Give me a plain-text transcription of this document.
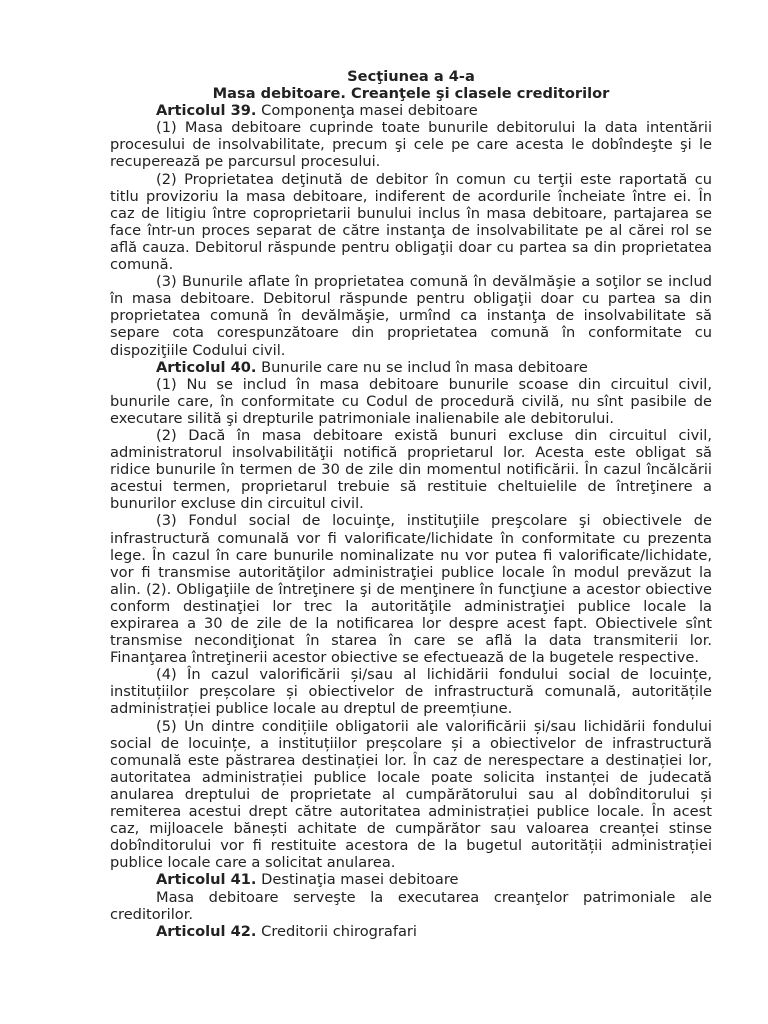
Secţiunea a 4-a
Masa debitoare. Creanţele şi clasele creditorilor

Articolul 39. Componenţa masei debitoare

(1) Masa debitoare cuprinde toate bunurile debitorului la data intentării procesului de insolvabilitate, precum şi cele pe care acesta le dobîndeşte şi le recuperează pe parcursul procesului.

(2) Proprietatea deţinută de debitor în comun cu terţii este raportată cu titlu provizoriu la masa debitoare, indiferent de acordurile încheiate între ei. În caz de litigiu între coproprietarii bunului inclus în masa debitoare, partajarea se face într-un proces separat de către instanţa de insolvabilitate pe al cărei rol se află cauza. Debitorul răspunde pentru obligaţii doar cu partea sa din proprietatea comună.

(3) Bunurile aflate în proprietatea comună în devălmăşie a soţilor se includ în masa debitoare. Debitorul răspunde pentru obligaţii doar cu partea sa din proprietatea comună în devălmăşie, urmînd ca instanţa de insolvabilitate să separe cota corespunzătoare din proprietatea comună în conformitate cu dispoziţiile Codului civil.

Articolul 40. Bunurile care nu se includ în masa debitoare

(1) Nu se includ în masa debitoare bunurile scoase din circuitul civil, bunurile care, în conformitate cu Codul de procedură civilă, nu sînt pasibile de executare silită şi drepturile patrimoniale inalienabile ale debitorului.

(2) Dacă în masa debitoare există bunuri excluse din circuitul civil, administratorul insolvabilităţii notifică proprietarul lor. Acesta este obligat să ridice bunurile în termen de 30 de zile din momentul notificării. În cazul încălcării acestui termen, proprietarul trebuie să restituie cheltuielile de întreţinere a bunurilor excluse din circuitul civil.

(3) Fondul social de locuinţe, instituţiile preşcolare şi obiectivele de infrastructură comunală vor fi valorificate/lichidate în conformitate cu prezenta lege. În cazul în care bunurile nominalizate nu vor putea fi valorificate/lichidate, vor fi transmise autorităţilor administraţiei publice locale în modul prevăzut la alin. (2). Obligaţiile de întreţinere şi de menţinere în funcţiune a acestor obiective conform destinaţiei lor trec la autorităţile administraţiei publice locale la expirarea a 30 de zile de la notificarea lor despre acest fapt. Obiectivele sînt transmise necondiţionat în starea în care se află la data transmiterii lor. Finanţarea întreţinerii acestor obiective se efectuează de la bugetele respective.

(4) În cazul valorificării și/sau al lichidării fondului social de locuințe, instituțiilor preșcolare și obiectivelor de infrastructură comunală, autoritățile administrației publice locale au dreptul de preemțiune.

(5) Un dintre condițiile obligatorii ale valorificării și/sau lichidării fondului social de locuințe, a instituțiilor preșcolare și a obiectivelor de infrastructură comunală este păstrarea destinației lor. În caz de nerespectare a destinației lor, autoritatea administrației publice locale poate solicita instanței de judecată anularea dreptului de proprietate al cumpărătorului sau al dobînditorului și remiterea acestui drept către autoritatea administrației publice locale. În acest caz, mijloacele bănești achitate de cumpărător sau valoarea creanței stinse dobînditorului vor fi restituite acestora de la bugetul autorității administrației publice locale care a solicitat anularea.

Articolul 41. Destinaţia masei debitoare

Masa debitoare serveşte la executarea creanţelor patrimoniale ale creditorilor.

Articolul 42. Creditorii chirografari
